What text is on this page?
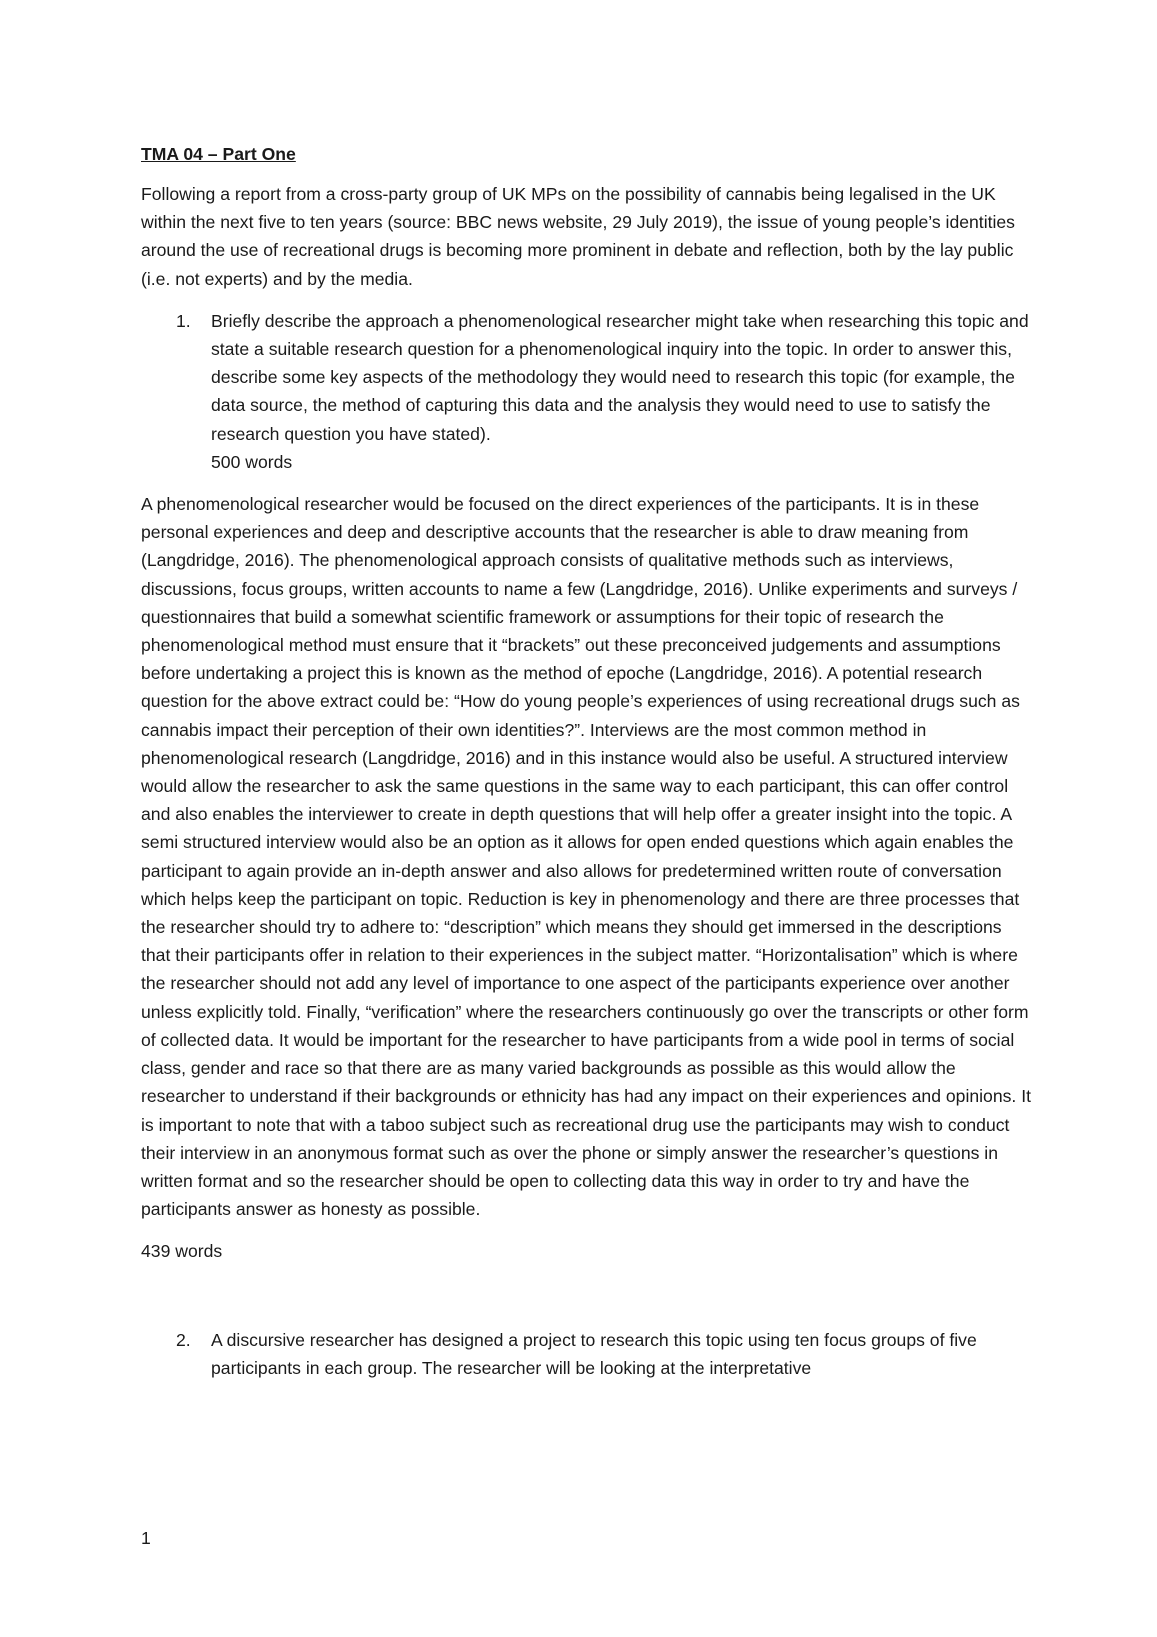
TMA 04 – Part One

Following a report from a cross-party group of UK MPs on the possibility of cannabis being legalised in the UK within the next five to ten years (source: BBC news website, 29 July 2019), the issue of young people’s identities around the use of recreational drugs is becoming more prominent in debate and reflection, both by the lay public (i.e. not experts) and by the media.

1.	Briefly describe the approach a phenomenological researcher might take when researching this topic and state a suitable research question for a phenomenological inquiry into the topic. In order to answer this, describe some key aspects of the methodology they would need to research this topic (for example, the data source, the method of capturing this data and the analysis they would need to use to satisfy the research question you have stated).
500 words

A phenomenological researcher would be focused on the direct experiences of the participants. It is in these personal experiences and deep and descriptive accounts that the researcher is able to draw meaning from (Langdridge, 2016). The phenomenological approach consists of qualitative methods such as interviews, discussions, focus groups, written accounts to name a few (Langdridge, 2016). Unlike experiments and surveys / questionnaires that build a somewhat scientific framework or assumptions for their topic of research the phenomenological method must ensure that it “brackets” out these preconceived judgements and assumptions before undertaking a project this is known as the method of epoche (Langdridge, 2016). A potential research question for the above extract could be: “How do young people’s experiences of using recreational drugs such as cannabis impact their perception of their own identities?”. Interviews are the most common method in phenomenological research (Langdridge, 2016) and in this instance would also be useful. A structured interview would allow the researcher to ask the same questions in the same way to each participant, this can offer control and also enables the interviewer to create in depth questions that will help offer a greater insight into the topic. A semi structured interview would also be an option as it allows for open ended questions which again enables the participant to again provide an in-depth answer and also allows for predetermined written route of conversation which helps keep the participant on topic. Reduction is key in phenomenology and there are three processes that the researcher should try to adhere to: “description” which means they should get immersed in the descriptions that their participants offer in relation to their experiences in the subject matter. “Horizontalisation” which is where the researcher should not add any level of importance to one aspect of the participants experience over another unless explicitly told. Finally, “verification” where the researchers continuously go over the transcripts or other form of collected data. It would be important for the researcher to have participants from a wide pool in terms of social class, gender and race so that there are as many varied backgrounds as possible as this would allow the researcher to understand if their backgrounds or ethnicity has had any impact on their experiences and opinions. It is important to note that with a taboo subject such as recreational drug use the participants may wish to conduct their interview in an anonymous format such as over the phone or simply answer the researcher’s questions in written format and so the researcher should be open to collecting data this way in order to try and have the participants answer as honesty as possible.

439 words

2.	A discursive researcher has designed a project to research this topic using ten focus groups of five participants in each group. The researcher will be looking at the interpretative
1
